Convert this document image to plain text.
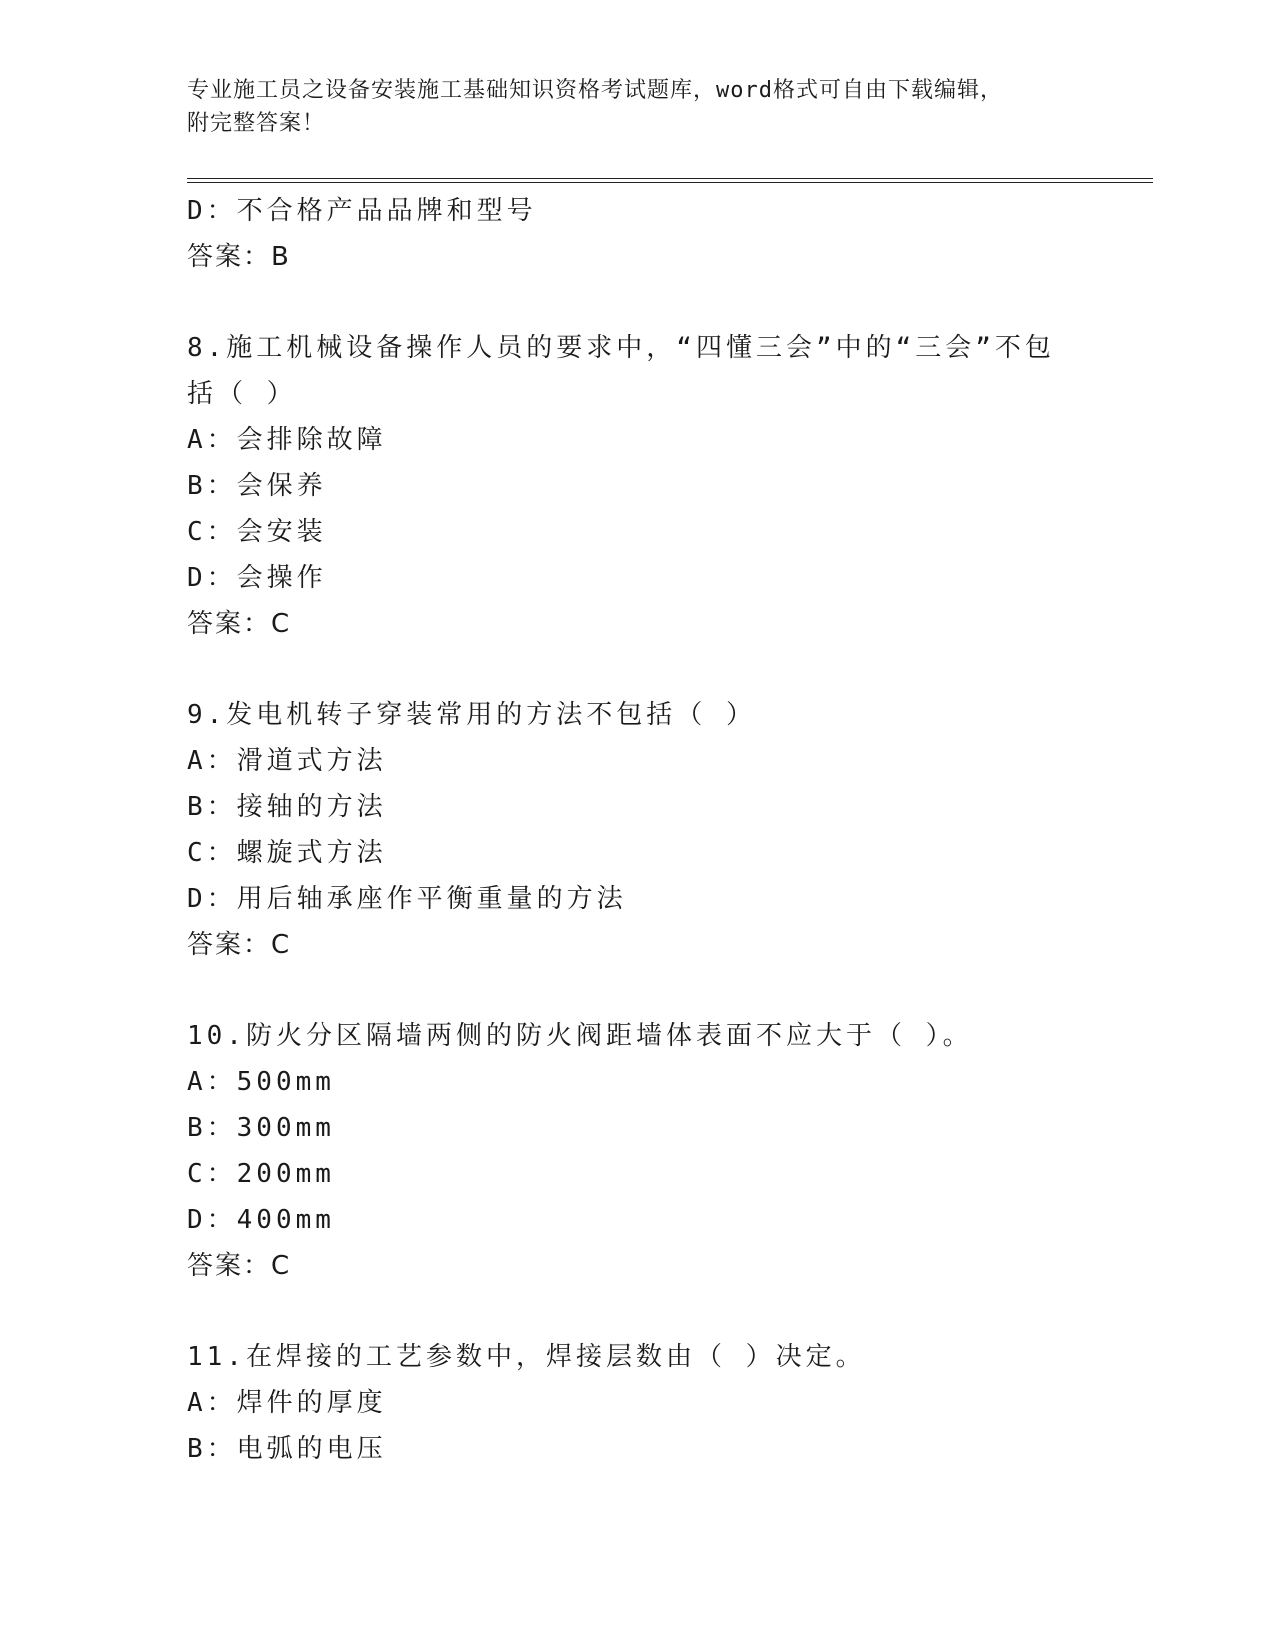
专业施工员之设备安装施工基础知识资格考试题库，word格式可自由下载编辑，
附完整答案！
D：不合格产品品牌和型号
答案：B
8.施工机械设备操作人员的要求中，“四懂三会”中的“三会”不包
括（ ）
A：会排除故障
B：会保养
C：会安装
D：会操作
答案：C
9.发电机转子穿装常用的方法不包括（ ）
A：滑道式方法
B：接轴的方法
C：螺旋式方法
D：用后轴承座作平衡重量的方法
答案：C
10.防火分区隔墙两侧的防火阀距墙体表面不应大于（ ）。
A：500mm
B：300mm
C：200mm
D：400mm
答案：C
11.在焊接的工艺参数中，焊接层数由（ ）决定。
A：焊件的厚度
B：电弧的电压
